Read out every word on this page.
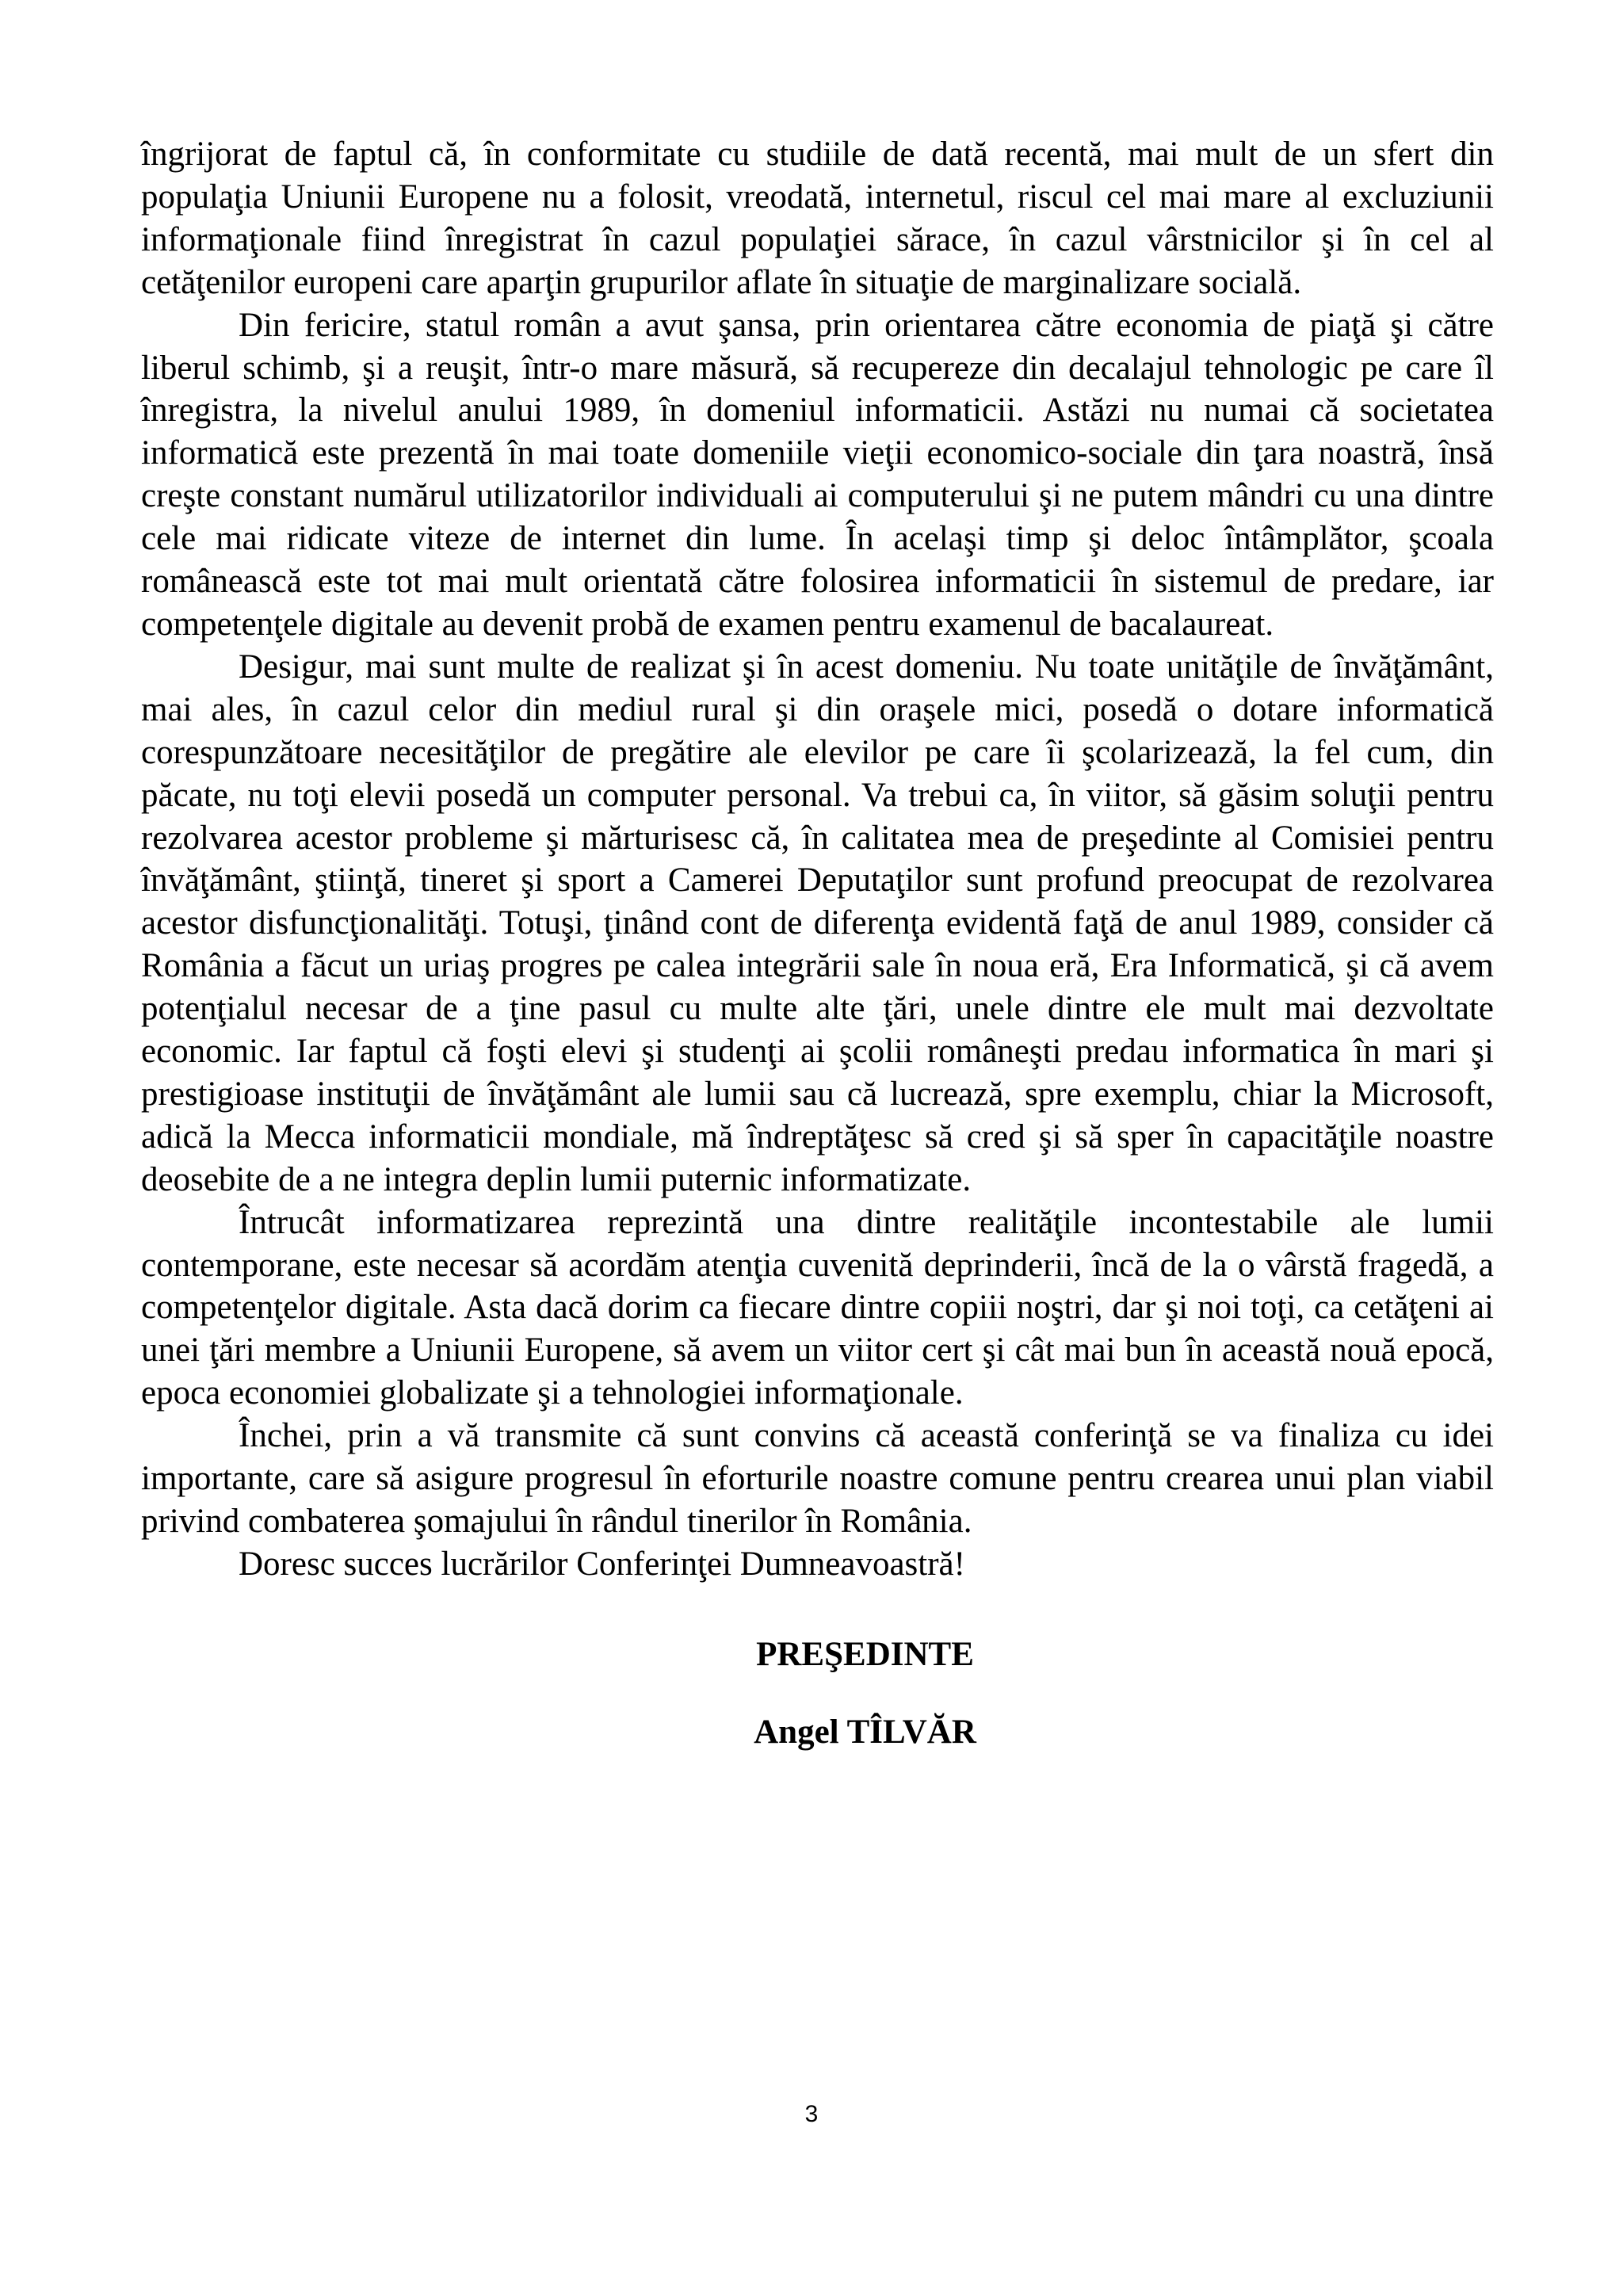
îngrijorat de faptul că, în conformitate cu studiile de dată recentă, mai mult de un sfert din populaţia Uniunii Europene nu a folosit, vreodată, internetul, riscul cel mai mare al excluziunii informaţionale fiind înregistrat în cazul populaţiei sărace, în cazul vârstnicilor şi în cel al cetăţenilor europeni care aparţin grupurilor aflate în situaţie de marginalizare socială.

Din fericire, statul român a avut şansa, prin orientarea către economia de piaţă şi către liberul schimb, şi a reuşit, într-o mare măsură, să recupereze din decalajul tehnologic pe care îl înregistra, la nivelul anului 1989, în domeniul informaticii. Astăzi nu numai că societatea informatică este prezentă în mai toate domeniile vieţii economico-sociale din ţara noastră, însă creşte constant numărul utilizatorilor individuali ai computerului şi ne putem mândri cu una dintre cele mai ridicate viteze de internet din lume. În acelaşi timp şi deloc întâmplător, şcoala românească este tot mai mult orientată către folosirea informaticii în sistemul de predare, iar competenţele digitale au devenit probă de examen pentru examenul de bacalaureat.

Desigur, mai sunt multe de realizat şi în acest domeniu. Nu toate unităţile de învăţământ, mai ales, în cazul celor din mediul rural şi din oraşele mici, posedă o dotare informatică corespunzătoare necesităţilor de pregătire ale elevilor pe care îi şcolarizează, la fel cum, din păcate, nu toţi elevii posedă un computer personal. Va trebui ca, în viitor, să găsim soluţii pentru rezolvarea acestor probleme şi mărturisesc că, în calitatea mea de preşedinte al Comisiei pentru învăţământ, ştiinţă, tineret şi sport a Camerei Deputaţilor sunt profund preocupat de rezolvarea acestor disfuncţionalităţi. Totuşi, ţinând cont de diferenţa evidentă faţă de anul 1989, consider că România a făcut un uriaş progres pe calea integrării sale în noua eră, Era Informatică, şi că avem potenţialul necesar de a ţine pasul cu multe alte ţări, unele dintre ele mult mai dezvoltate economic. Iar faptul că foşti elevi şi studenţi ai şcolii româneşti predau informatica în mari şi prestigioase instituţii de învăţământ ale lumii sau că lucrează, spre exemplu, chiar la Microsoft, adică la Mecca informaticii mondiale, mă îndreptăţesc să cred şi să sper în capacităţile noastre deosebite de a ne integra deplin lumii puternic informatizate.

Întrucât informatizarea reprezintă una dintre realităţile incontestabile ale lumii contemporane, este necesar să acordăm atenţia cuvenită deprinderii, încă de la o vârstă fragedă, a competenţelor digitale. Asta dacă dorim ca fiecare dintre copiii noştri, dar şi noi toţi, ca cetăţeni ai unei ţări membre a Uniunii Europene, să avem un viitor cert şi cât mai bun în această nouă epocă, epoca economiei globalizate şi a tehnologiei informaţionale.

Închei, prin a vă transmite că sunt convins că această conferinţă se va finaliza cu idei importante, care să asigure progresul în eforturile noastre comune pentru crearea unui plan viabil privind combaterea şomajului în rândul tinerilor în România.

Doresc succes lucrărilor Conferinţei Dumneavoastră!

PREŞEDINTE

Angel TÎLVĂR

3
